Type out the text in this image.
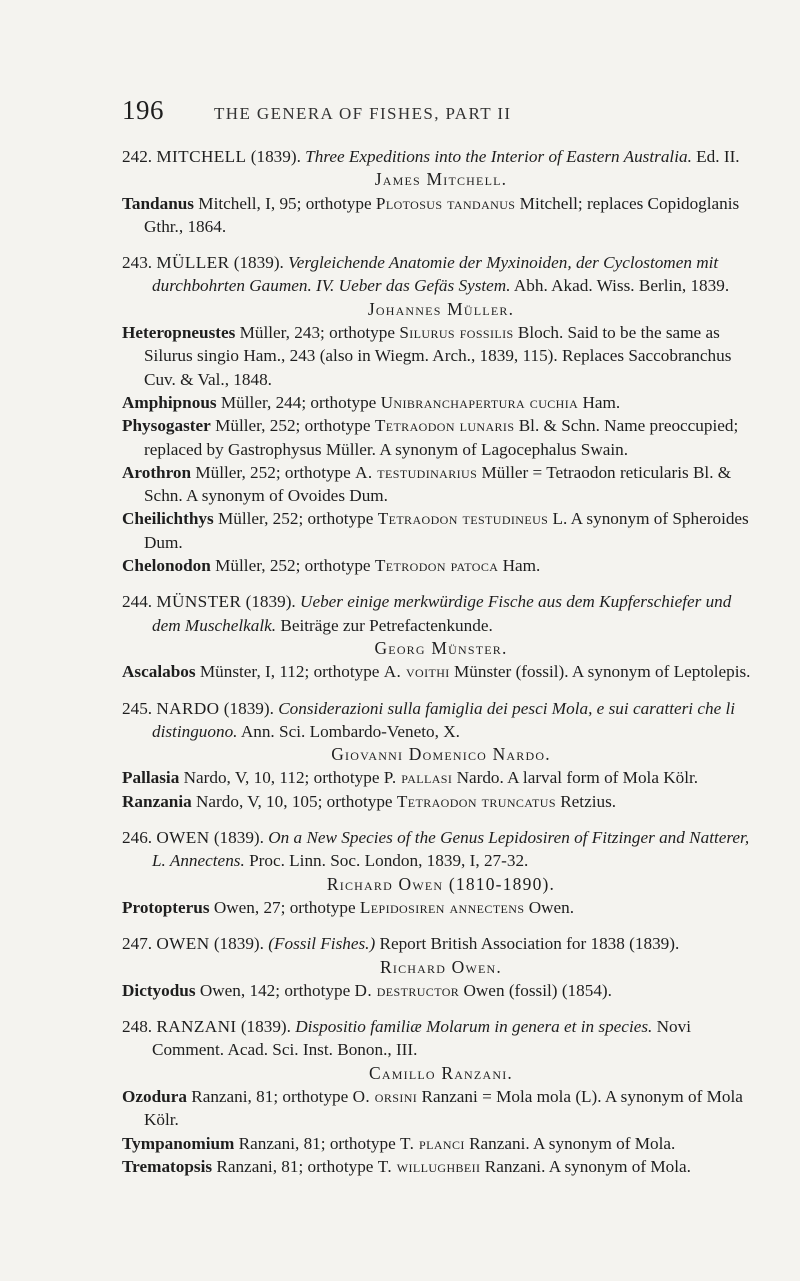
196	THE GENERA OF FISHES, PART II
242. MITCHELL (1839). Three Expeditions into the Interior of Eastern Australia. Ed. II.
James Mitchell.
Tandanus Mitchell, I, 95; orthotype Plotosus tandanus Mitchell; replaces Copidoglanis Gthr., 1864.
243. MÜLLER (1839). Vergleichende Anatomie der Myxinoiden, der Cyclostomen mit durchbohrten Gaumen. IV. Ueber das Gefäs System. Abh. Akad. Wiss. Berlin, 1839.
Johannes Müller.
Heteropneustes Müller, 243; orthotype Silurus fossilis Bloch. Said to be the same as Silurus singio Ham., 243 (also in Wiegm. Arch., 1839, 115). Replaces Saccobranchus Cuv. & Val., 1848.
Amphipnous Müller, 244; orthotype Unibranchapertura cuchia Ham.
Physogaster Müller, 252; orthotype Tetraodon lunaris Bl. & Schn. Name preoccupied; replaced by Gastrophysus Müller. A synonym of Lagocephalus Swain.
Arothron Müller, 252; orthotype A. testudinarius Müller = Tetraodon reticularis Bl. & Schn. A synonym of Ovoides Dum.
Cheilichthys Müller, 252; orthotype Tetraodon testudineus L. A synonym of Spheroides Dum.
Chelonodon Müller, 252; orthotype Tetrodon patoca Ham.
244. MÜNSTER (1839). Ueber einige merkwürdige Fische aus dem Kupferschiefer und dem Muschelkalk. Beiträge zur Petrefactenkunde.
Georg Münster.
Ascalabos Münster, I, 112; orthotype A. voithi Münster (fossil). A synonym of Leptolepis.
245. NARDO (1839). Considerazioni sulla famiglia dei pesci Mola, e sui caratteri che li distinguono. Ann. Sci. Lombardo-Veneto, X.
Giovanni Domenico Nardo.
Pallasia Nardo, V, 10, 112; orthotype P. pallasi Nardo. A larval form of Mola Kölr.
Ranzania Nardo, V, 10, 105; orthotype Tetraodon truncatus Retzius.
246. OWEN (1839). On a New Species of the Genus Lepidosiren of Fitzinger and Natterer, L. Annectens. Proc. Linn. Soc. London, 1839, I, 27-32.
Richard Owen (1810-1890).
Protopterus Owen, 27; orthotype Lepidosiren annectens Owen.
247. OWEN (1839). (Fossil Fishes.) Report British Association for 1838 (1839).
Richard Owen.
Dictyodus Owen, 142; orthotype D. destructor Owen (fossil) (1854).
248. RANZANI (1839). Dispositio familiæ Molarum in genera et in species. Novi Comment. Acad. Sci. Inst. Bonon., III.
Camillo Ranzani.
Ozodura Ranzani, 81; orthotype O. orsini Ranzani = Mola mola (L). A synonym of Mola Kölr.
Tympanomium Ranzani, 81; orthotype T. planci Ranzani. A synonym of Mola.
Trematopsis Ranzani, 81; orthotype T. willughbeii Ranzani. A synonym of Mola.
